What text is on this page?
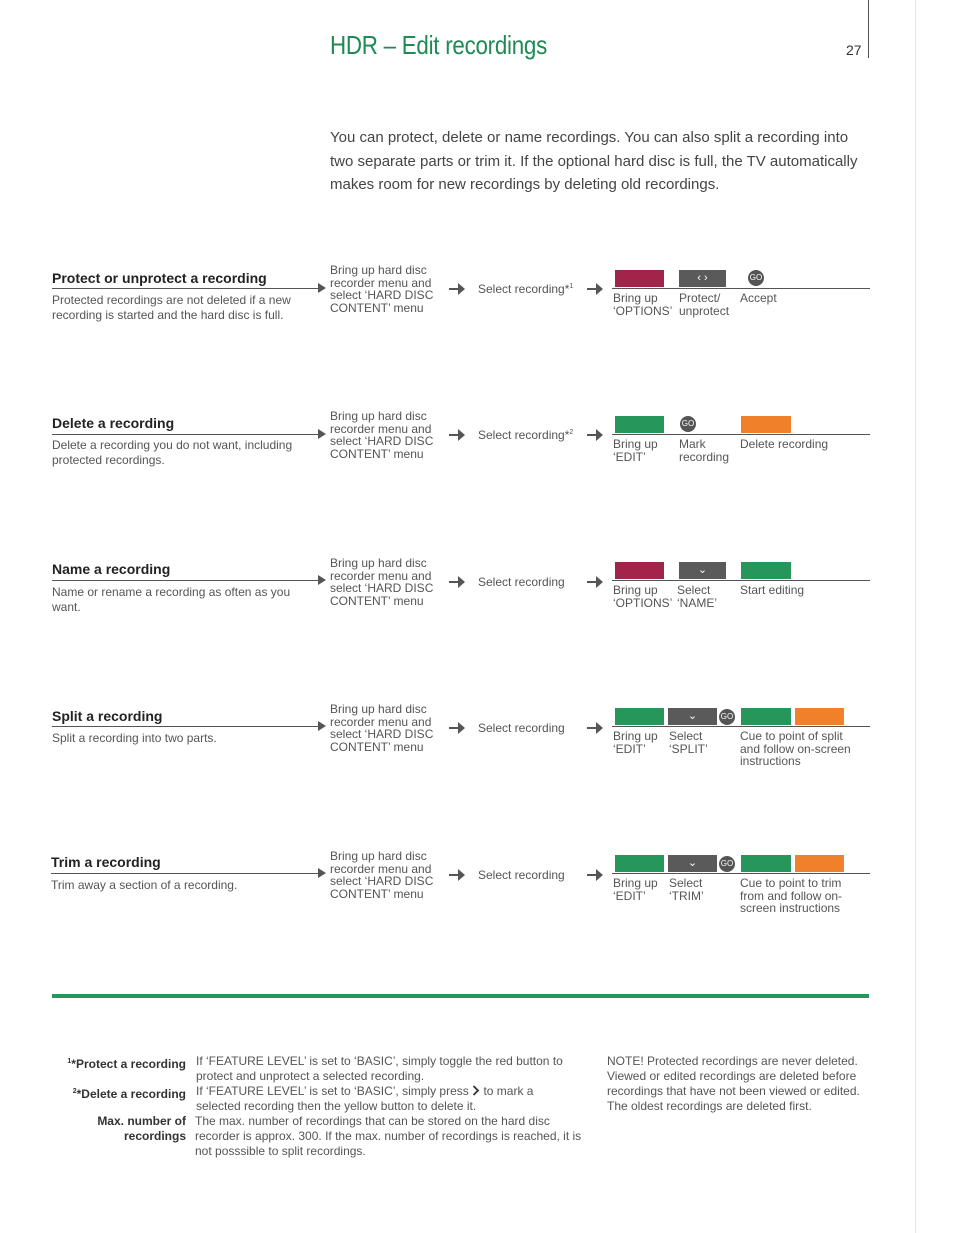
HDR – Edit recordings	27
You can protect, delete or name recordings. You can also split a recording into two separate parts or trim it. If the optional hard disc is full, the TV automatically makes room for new recordings by deleting old recordings.
Protect or unprotect a recording
Protected recordings are not deleted if a new recording is started and the hard disc is full.
Bring up hard disc recorder menu and select ‘HARD DISC CONTENT’ menu
Select recording*$^1$
‹ ›	GO
Bring up ‘OPTIONS’
Protect/ unprotect
Accept
Delete a recording
Delete a recording you do not want, including protected recordings.
Bring up hard disc recorder menu and select ‘HARD DISC CONTENT’ menu
Select recording*$^2$
GO
Bring up ‘EDIT’
Mark recording
Delete recording
Name a recording
Name or rename a recording as often as you want.
Bring up hard disc recorder menu and select ‘HARD DISC CONTENT’ menu
Select recording
⌄
Bring up ‘OPTIONS’
Select ‘NAME’
Start editing
Split a recording
Split a recording into two parts.
Bring up hard disc recorder menu and select ‘HARD DISC CONTENT’ menu
Select recording
⌄	GO
Bring up ‘EDIT’
Select ‘SPLIT’
Cue to point of split and follow on-screen instructions
Trim a recording
Trim away a section of a recording.
Bring up hard disc recorder menu and select ‘HARD DISC CONTENT’ menu
Select recording
⌄	GO
Bring up ‘EDIT’
Select ‘TRIM’
Cue to point to trim from and follow on-screen instructions
$^1$*Protect a recording If ‘FEATURE LEVEL’ is set to ‘BASIC’, simply toggle the red button to protect and unprotect a selected recording.
$^2$*Delete a recording If ‘FEATURE LEVEL’ is set to ‘BASIC’, simply press to mark a selected recording then the yellow button to delete it.
Max. number of recordings
The max. number of recordings that can be stored on the hard disc recorder is approx. 300. If the max. number of recordings is reached, it is not posssible to split recordings.
NOTE! Protected recordings are never deleted. Viewed or edited recordings are deleted before recordings that have not been viewed or edited. The oldest recordings are deleted first.
